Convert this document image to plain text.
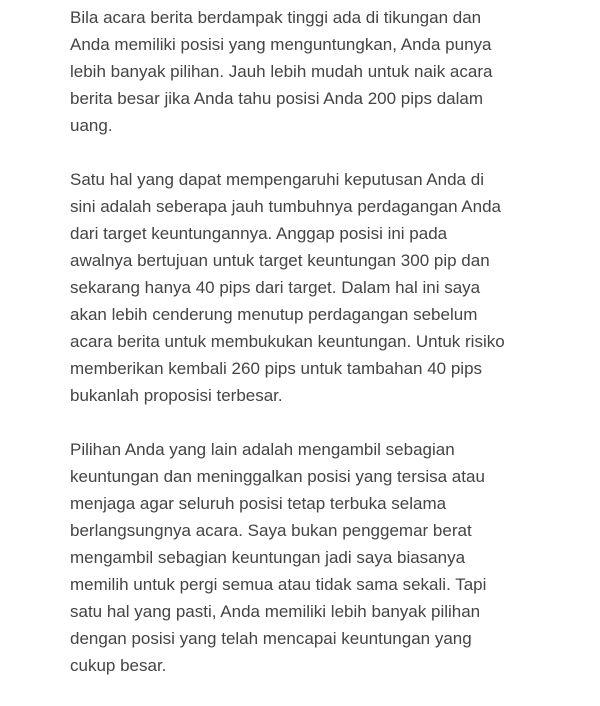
Bila acara berita berdampak tinggi ada di tikungan dan
Anda memiliki posisi yang menguntungkan, Anda punya
lebih banyak pilihan. Jauh lebih mudah untuk naik acara
berita besar jika Anda tahu posisi Anda 200 pips dalam
uang.

Satu hal yang dapat mempengaruhi keputusan Anda di
sini adalah seberapa jauh tumbuhnya perdagangan Anda
dari target keuntungannya. Anggap posisi ini pada
awalnya bertujuan untuk target keuntungan 300 pip dan
sekarang hanya 40 pips dari target. Dalam hal ini saya
akan lebih cenderung menutup perdagangan sebelum
acara berita untuk membukukan keuntungan. Untuk risiko
memberikan kembali 260 pips untuk tambahan 40 pips
bukanlah proposisi terbesar.

Pilihan Anda yang lain adalah mengambil sebagian
keuntungan dan meninggalkan posisi yang tersisa atau
menjaga agar seluruh posisi tetap terbuka selama
berlangsungnya acara. Saya bukan penggemar berat
mengambil sebagian keuntungan jadi saya biasanya
memilih untuk pergi semua atau tidak sama sekali. Tapi
satu hal yang pasti, Anda memiliki lebih banyak pilihan
dengan posisi yang telah mencapai keuntungan yang
cukup besar.
